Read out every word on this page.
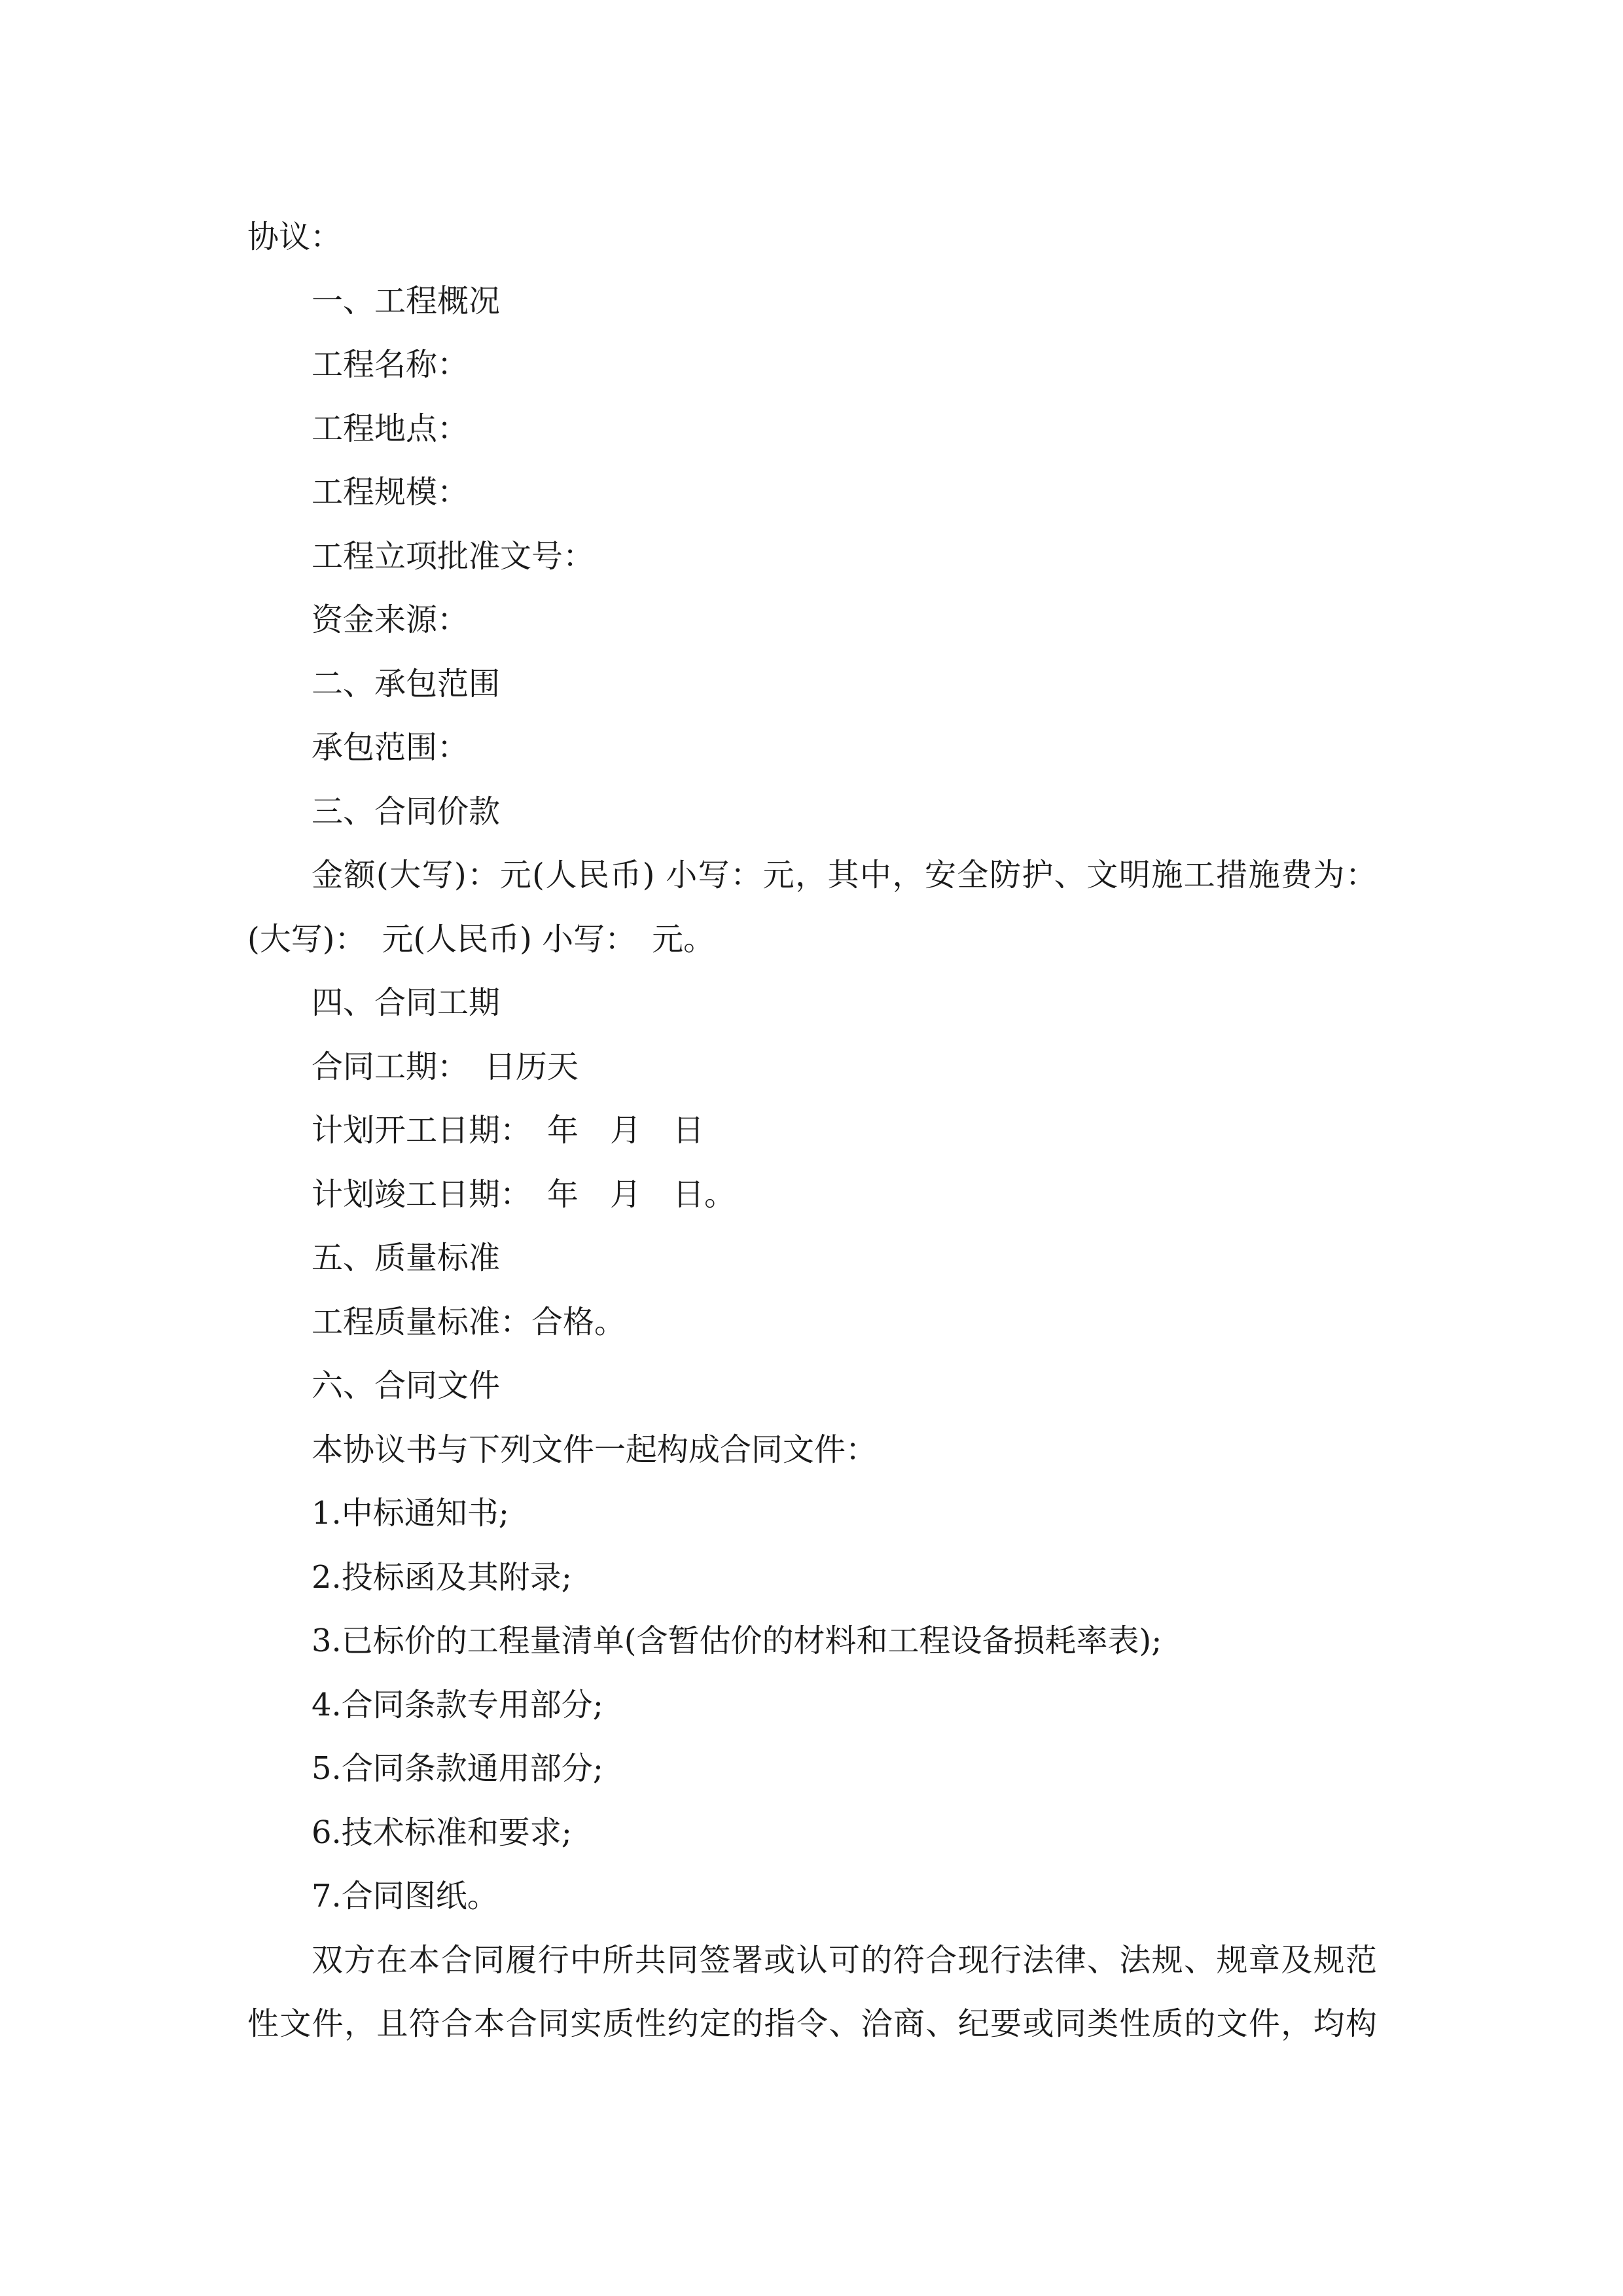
协议：
一、工程概况
工程名称：
工程地点：
工程规模：
工程立项批准文号：
资金来源：
二、承包范围
承包范围：
三、合同价款
金额(大写)：元(人民币) 小写：元，其中，安全防护、文明施工措施费为：
(大写)：　元(人民币) 小写：　元。
四、合同工期
合同工期：　日历天
计划开工日期：　年　月　日
计划竣工日期：　年　月　日。
五、质量标准
工程质量标准：合格。
六、合同文件
本协议书与下列文件一起构成合同文件：
1.中标通知书;
2.投标函及其附录;
3.已标价的工程量清单(含暂估价的材料和工程设备损耗率表);
4.合同条款专用部分;
5.合同条款通用部分;
6.技术标准和要求;
7.合同图纸。
双方在本合同履行中所共同签署或认可的符合现行法律、法规、规章及规范
性文件，且符合本合同实质性约定的指令、洽商、纪要或同类性质的文件，均构
